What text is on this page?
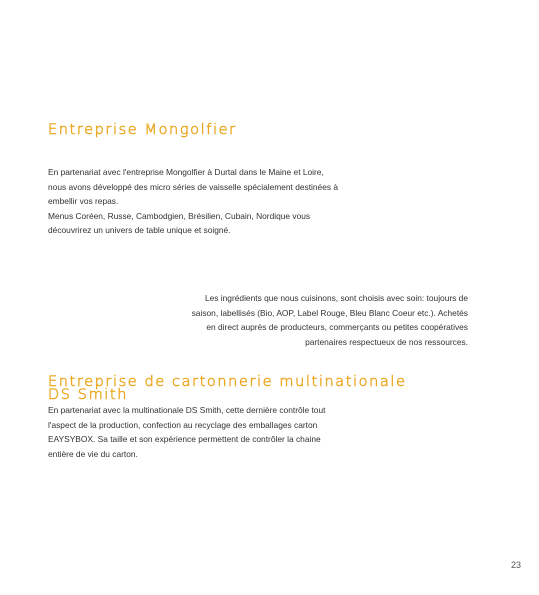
Entreprise Mongolfier
En partenariat avec l'entreprise Mongolfier à Durtal dans le Maine et Loire,
nous avons développé des micro séries de vaisselle spécialement destinées à
embellir vos repas.
Menus Coréen, Russe, Cambodgien, Brésilien, Cubain, Nordique vous
découvrirez un univers de table unique et soigné.
Les ingrédients que nous cuisinons, sont choisis avec soin: toujours de
saison, labellisés (Bio, AOP, Label Rouge, Bleu Blanc Coeur etc.). Achetés
en direct auprès de producteurs, commerçants ou petites coopératives
partenaires respectueux de nos ressources.
Entreprise de cartonnerie multinationale
DS Smith
En partenariat avec la multinationale DS Smith, cette dernière contrôle tout
l'aspect de la production, confection au recyclage des emballages carton
EAYSYBOX. Sa taille et son expérience permettent de contrôler la chaine
entière de vie du carton.
23
